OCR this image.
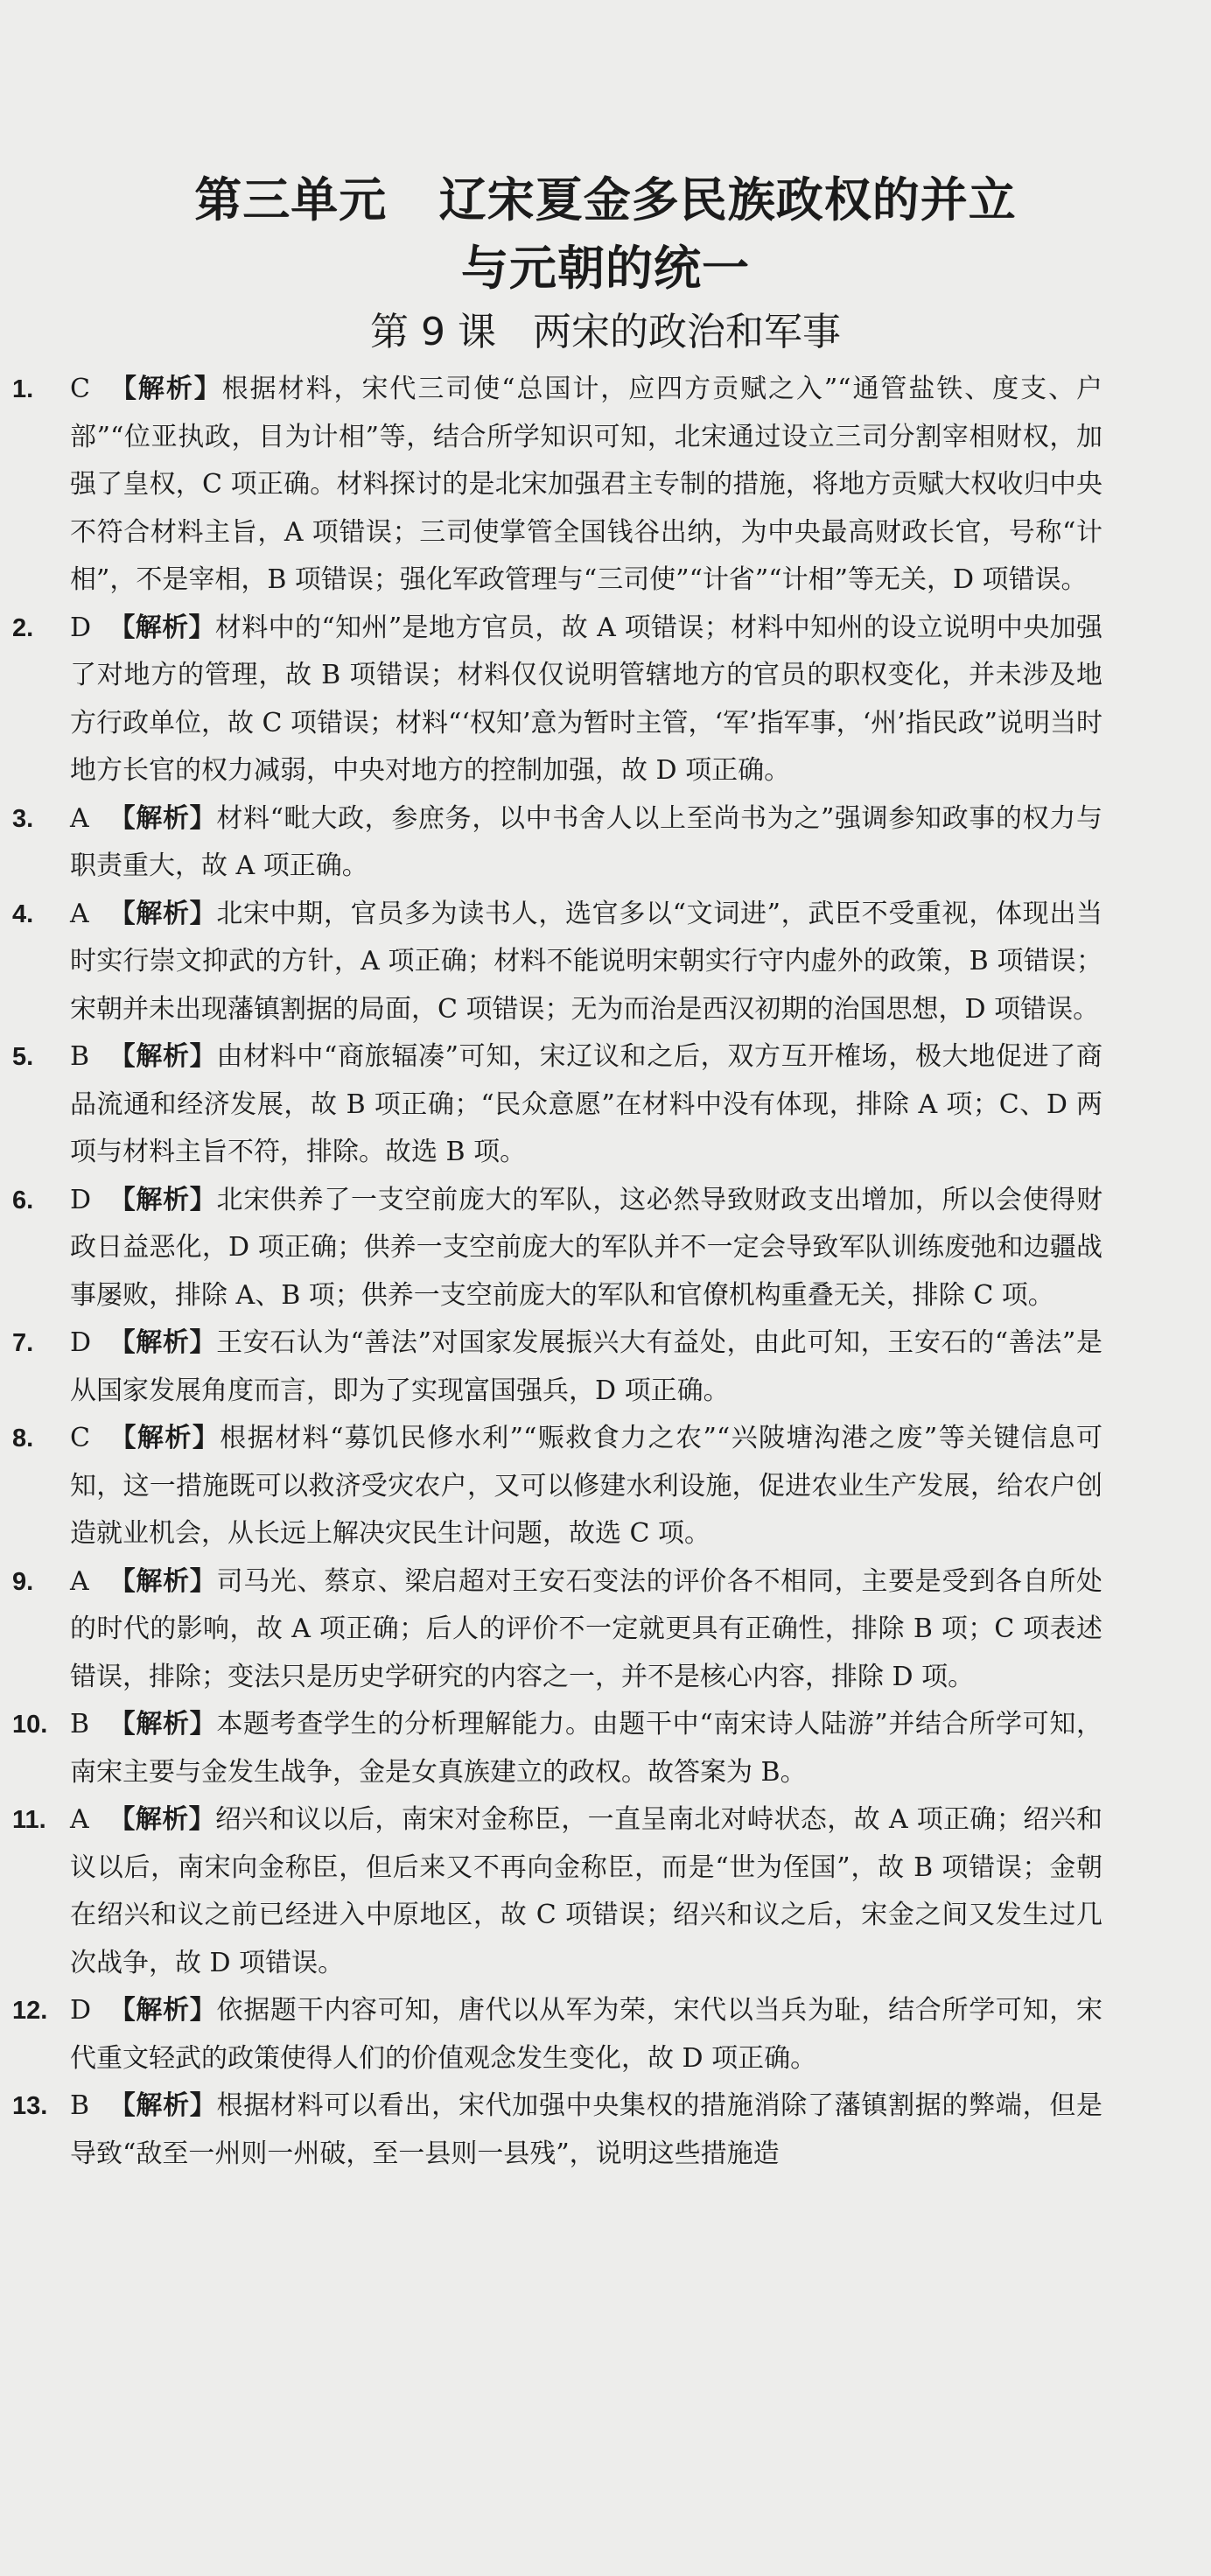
第三单元   辽宋夏金多民族政权的并立
与元朝的统一
第 9 课   两宋的政治和军事
1.	C 【解析】根据材料，宋代三司使“总国计，应四方贡赋之入”“通管盐铁、度支、户部”“位亚执政，目为计相”等，结合所学知识可知，北宋通过设立三司分割宰相财权，加强了皇权，C 项正确。材料探讨的是北宋加强君主专制的措施，将地方贡赋大权收归中央不符合材料主旨，A 项错误；三司使掌管全国钱谷出纳，为中央最高财政长官，号称“计相”，不是宰相，B 项错误；强化军政管理与“三司使”“计省”“计相”等无关，D 项错误。
2.	D 【解析】材料中的“知州”是地方官员，故 A 项错误；材料中知州的设立说明中央加强了对地方的管理，故 B 项错误；材料仅仅说明管辖地方的官员的职权变化，并未涉及地方行政单位，故 C 项错误；材料“‘权知’意为暂时主管，‘军’指军事，‘州’指民政”说明当时地方长官的权力减弱，中央对地方的控制加强，故 D 项正确。
3.	A 【解析】材料“毗大政，参庶务，以中书舍人以上至尚书为之”强调参知政事的权力与职责重大，故 A 项正确。
4.	A 【解析】北宋中期，官员多为读书人，选官多以“文词进”，武臣不受重视，体现出当时实行崇文抑武的方针，A 项正确；材料不能说明宋朝实行守内虚外的政策，B 项错误；宋朝并未出现藩镇割据的局面，C 项错误；无为而治是西汉初期的治国思想，D 项错误。
5.	B 【解析】由材料中“商旅辐凑”可知，宋辽议和之后，双方互开榷场，极大地促进了商品流通和经济发展，故 B 项正确；“民众意愿”在材料中没有体现，排除 A 项；C、D 两项与材料主旨不符，排除。故选 B 项。
6.	D 【解析】北宋供养了一支空前庞大的军队，这必然导致财政支出增加，所以会使得财政日益恶化，D 项正确；供养一支空前庞大的军队并不一定会导致军队训练废弛和边疆战事屡败，排除 A、B 项；供养一支空前庞大的军队和官僚机构重叠无关，排除 C 项。
7.	D 【解析】王安石认为“善法”对国家发展振兴大有益处，由此可知，王安石的“善法”是从国家发展角度而言，即为了实现富国强兵，D 项正确。
8.	C 【解析】根据材料“募饥民修水利”“赈救食力之农”“兴陂塘沟港之废”等关键信息可知，这一措施既可以救济受灾农户，又可以修建水利设施，促进农业生产发展，给农户创造就业机会，从长远上解决灾民生计问题，故选 C 项。
9.	A 【解析】司马光、蔡京、梁启超对王安石变法的评价各不相同，主要是受到各自所处的时代的影响，故 A 项正确；后人的评价不一定就更具有正确性，排除 B 项；C 项表述错误，排除；变法只是历史学研究的内容之一，并不是核心内容，排除 D 项。
10. B 【解析】本题考查学生的分析理解能力。由题干中“南宋诗人陆游”并结合所学可知，南宋主要与金发生战争，金是女真族建立的政权。故答案为 B。
11. A 【解析】绍兴和议以后，南宋对金称臣，一直呈南北对峙状态，故 A 项正确；绍兴和议以后，南宋向金称臣，但后来又不再向金称臣，而是“世为侄国”，故 B 项错误；金朝在绍兴和议之前已经进入中原地区，故 C 项错误；绍兴和议之后，宋金之间又发生过几次战争，故 D 项错误。
12. D 【解析】依据题干内容可知，唐代以从军为荣，宋代以当兵为耻，结合所学可知，宋代重文轻武的政策使得人们的价值观念发生变化，故 D 项正确。
13. B 【解析】根据材料可以看出，宋代加强中央集权的措施消除了藩镇割据的弊端，但是导致“敌至一州则一州破，至一县则一县残”，说明这些措施造
